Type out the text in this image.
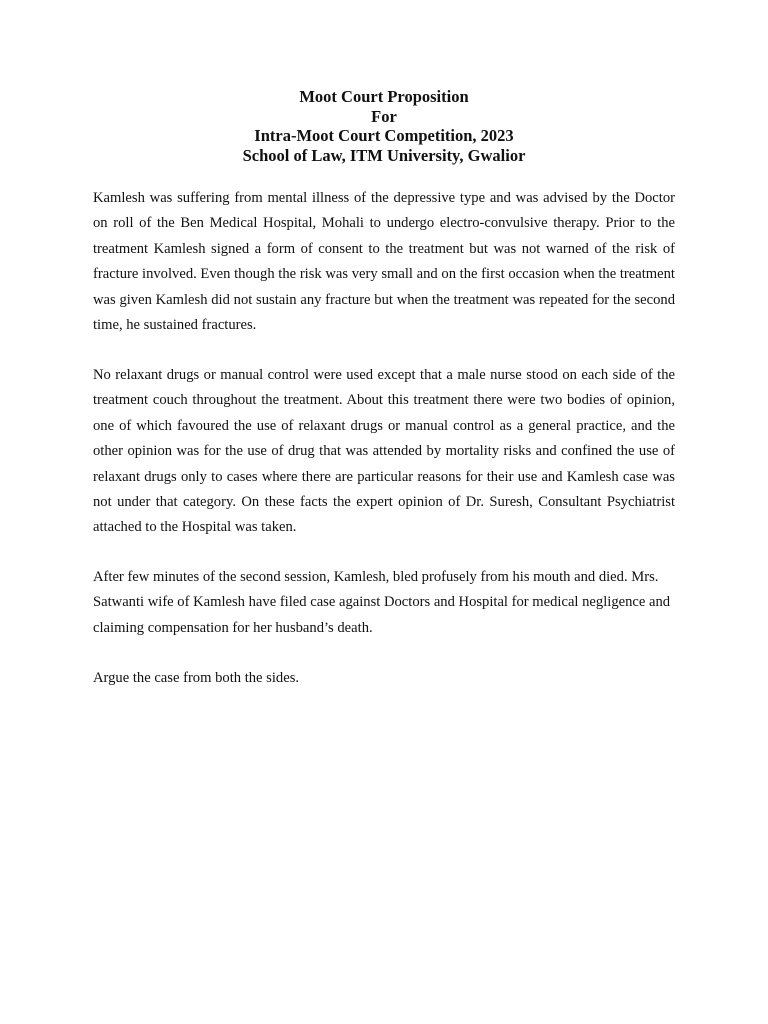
Moot Court Proposition
For
Intra-Moot Court Competition, 2023
School of Law, ITM University, Gwalior

Kamlesh was suffering from mental illness of the depressive type and was advised by the Doctor on roll of the Ben Medical Hospital, Mohali to undergo electro-convulsive therapy. Prior to the treatment Kamlesh signed a form of consent to the treatment but was not warned of the risk of fracture involved. Even though the risk was very small and on the first occasion when the treatment was given Kamlesh did not sustain any fracture but when the treatment was repeated for the second time, he sustained fractures.

No relaxant drugs or manual control were used except that a male nurse stood on each side of the treatment couch throughout the treatment. About this treatment there were two bodies of opinion, one of which favoured the use of relaxant drugs or manual control as a general practice, and the other opinion was for the use of drug that was attended by mortality risks and confined the use of relaxant drugs only to cases where there are particular reasons for their use and Kamlesh case was not under that category. On these facts the expert opinion of Dr. Suresh, Consultant Psychiatrist attached to the Hospital was taken.

After few minutes of the second session, Kamlesh, bled profusely from his mouth and died. Mrs. Satwanti wife of Kamlesh have filed case against Doctors and Hospital for medical negligence and claiming compensation for her husband’s death.

Argue the case from both the sides.
